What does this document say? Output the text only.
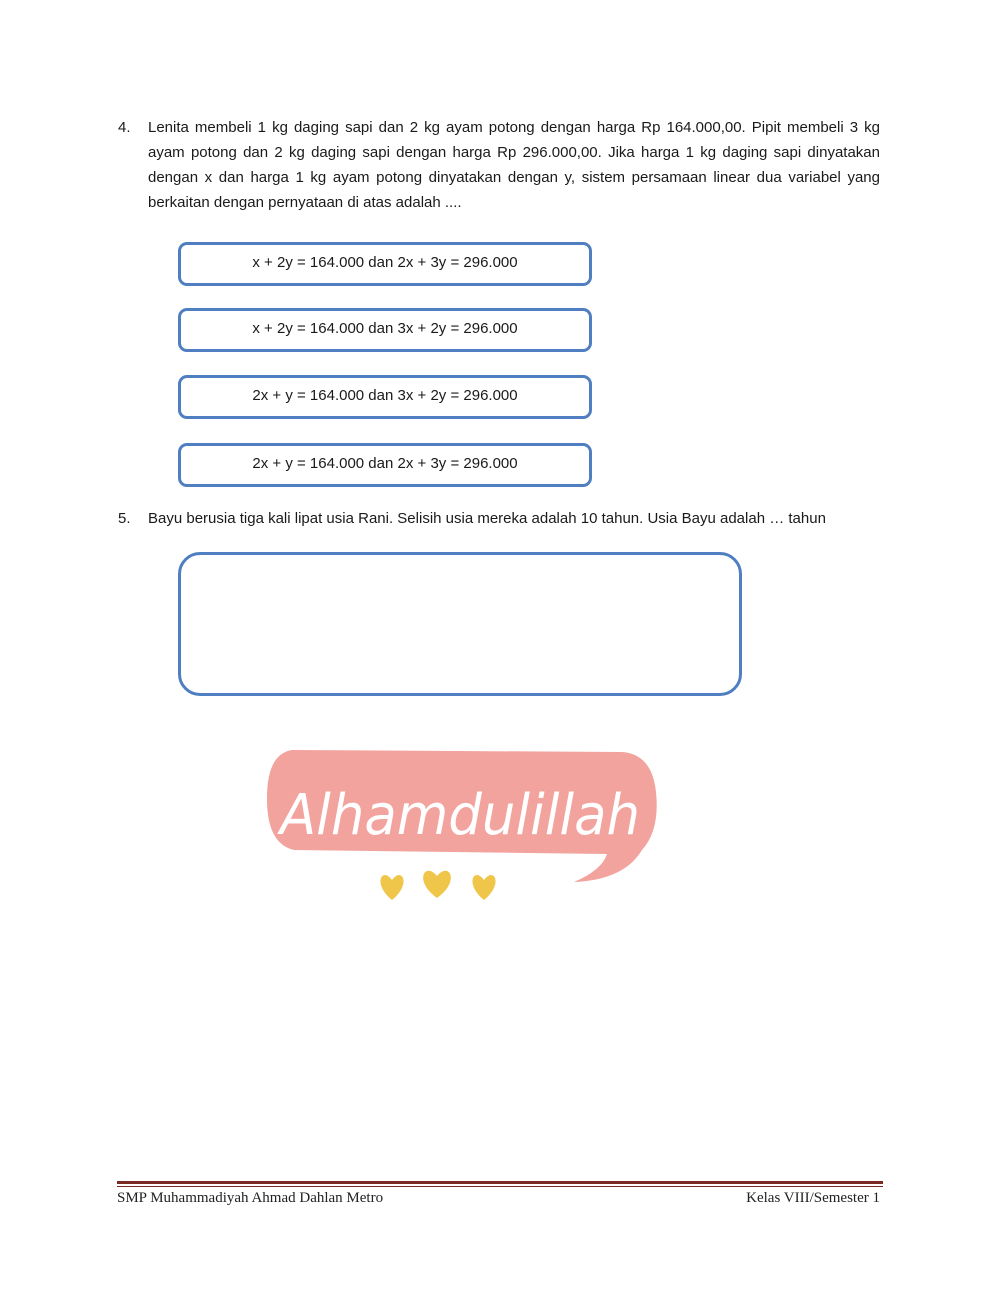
4. Lenita membeli 1 kg daging sapi dan 2 kg ayam potong dengan harga Rp 164.000,00. Pipit membeli 3 kg ayam potong dan 2 kg daging sapi dengan harga Rp 296.000,00. Jika harga 1 kg daging sapi dinyatakan dengan x dan harga 1 kg ayam potong dinyatakan dengan y, sistem persamaan linear dua variabel yang berkaitan dengan pernyataan di atas adalah ....
x + 2y = 164.000 dan 2x + 3y = 296.000
x + 2y = 164.000 dan 3x + 2y = 296.000
2x + y = 164.000 dan 3x + 2y = 296.000
2x + y = 164.000 dan 2x + 3y = 296.000
5. Bayu berusia tiga kali lipat usia Rani. Selisih usia mereka adalah 10 tahun. Usia Bayu adalah … tahun
Alhamdulillah
SMP Muhammadiyah Ahmad Dahlan Metro	Kelas VIII/Semester 1
